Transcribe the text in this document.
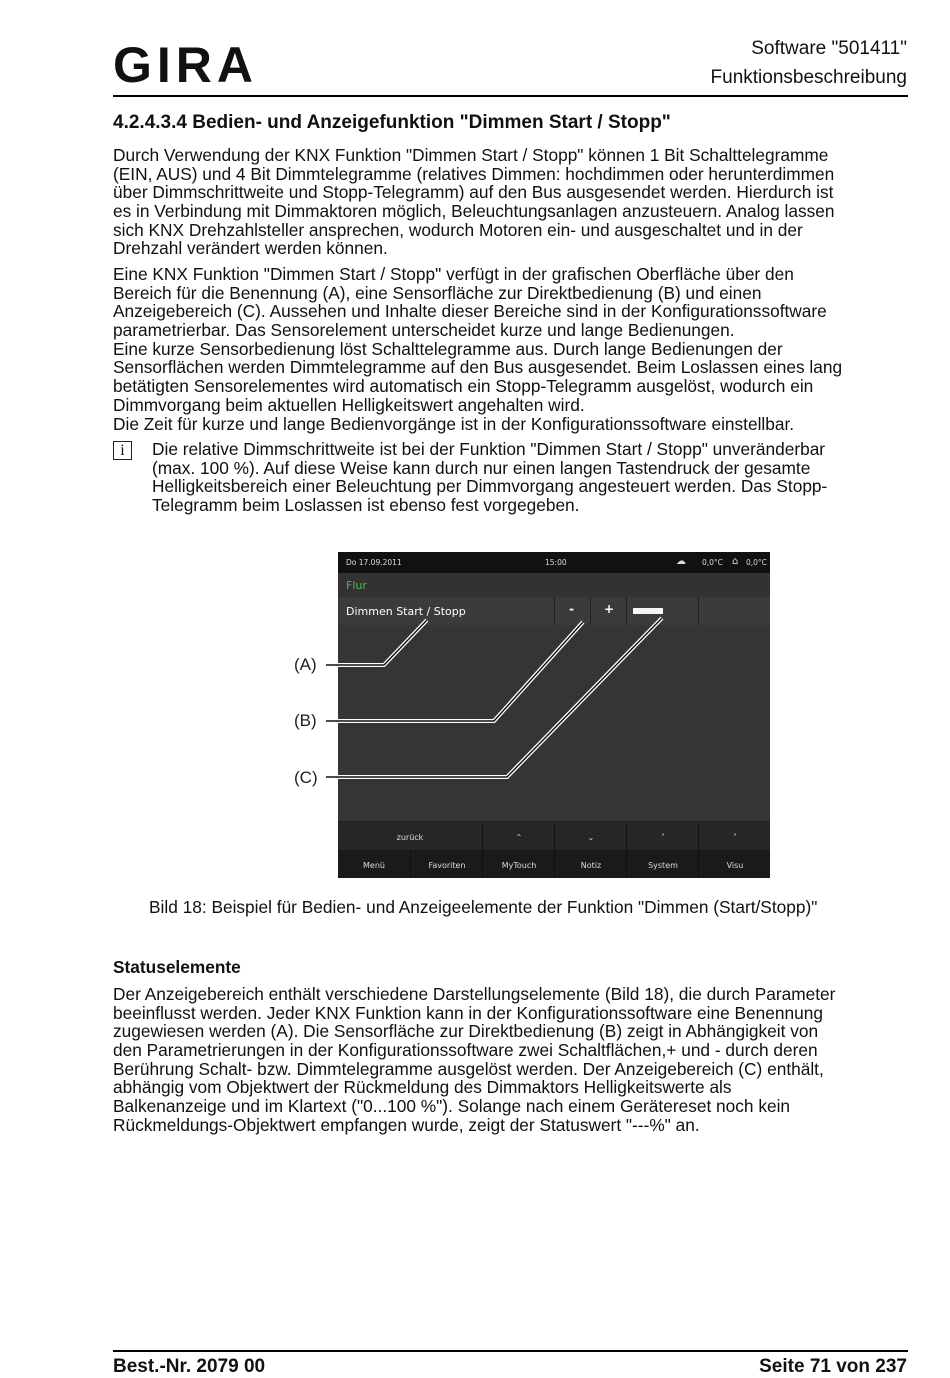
GIRA	Software "501411"
Funktionsbeschreibung
4.2.4.3.4 Bedien- und Anzeigefunktion "Dimmen Start / Stopp"
Durch Verwendung der KNX Funktion "Dimmen Start / Stopp" können 1 Bit Schalttelegramme
(EIN, AUS) und 4 Bit Dimmtelegramme (relatives Dimmen: hochdimmen oder herunterdimmen
über Dimmschrittweite und Stopp-Telegramm) auf den Bus ausgesendet werden. Hierdurch ist
es in Verbindung mit Dimmaktoren möglich, Beleuchtungsanlagen anzusteuern. Analog lassen
sich KNX Drehzahlsteller ansprechen, wodurch Motoren ein- und ausgeschaltet und in der
Drehzahl verändert werden können.
Eine KNX Funktion "Dimmen Start / Stopp" verfügt in der grafischen Oberfläche über den
Bereich für die Benennung (A), eine Sensorfläche zur Direktbedienung (B) und einen
Anzeigebereich (C). Aussehen und Inhalte dieser Bereiche sind in der Konfigurationssoftware
parametrierbar. Das Sensorelement unterscheidet kurze und lange Bedienungen.
Eine kurze Sensorbedienung löst Schalttelegramme aus. Durch lange Bedienungen der
Sensorflächen werden Dimmtelegramme auf den Bus ausgesendet. Beim Loslassen eines lang
betätigten Sensorelementes wird automatisch ein Stopp-Telegramm ausgelöst, wodurch ein
Dimmvorgang beim aktuellen Helligkeitswert angehalten wird.
Die Zeit für kurze und lange Bedienvorgänge ist in der Konfigurationssoftware einstellbar.
i	Die relative Dimmschrittweite ist bei der Funktion "Dimmen Start / Stopp" unveränderbar
(max. 100 %). Auf diese Weise kann durch nur einen langen Tastendruck der gesamte
Helligkeitsbereich einer Beleuchtung per Dimmvorgang angesteuert werden. Das Stopp-
Telegramm beim Loslassen ist ebenso fest vorgegeben.
Do 17.09.2011	15:00	☁ 0,0°C ⌂ 0,0°C
Flur
Dimmen Start / Stopp	-	+
zurück	⌃	⌄	˄	˅
Menü	Favoriten	MyTouch	Notiz	System	Visu
(A)
(B)
(C)
Bild 18: Beispiel für Bedien- und Anzeigeelemente der Funktion "Dimmen (Start/Stopp)"
Statuselemente
Der Anzeigebereich enthält verschiedene Darstellungselemente (Bild 18), die durch Parameter
beeinflusst werden. Jeder KNX Funktion kann in der Konfigurationssoftware eine Benennung
zugewiesen werden (A). Die Sensorfläche zur Direktbedienung (B) zeigt in Abhängigkeit von
den Parametrierungen in der Konfigurationssoftware zwei Schaltflächen,+ und - durch deren
Berührung Schalt- bzw. Dimmtelegramme ausgelöst werden. Der Anzeigebereich (C) enthält,
abhängig vom Objektwert der Rückmeldung des Dimmaktors Helligkeitswerte als
Balkenanzeige und im Klartext ("0...100 %"). Solange nach einem Gerätereset noch kein
Rückmeldungs-Objektwert empfangen wurde, zeigt der Statuswert "---%" an.
Best.-Nr. 2079 00	Seite 71 von 237
